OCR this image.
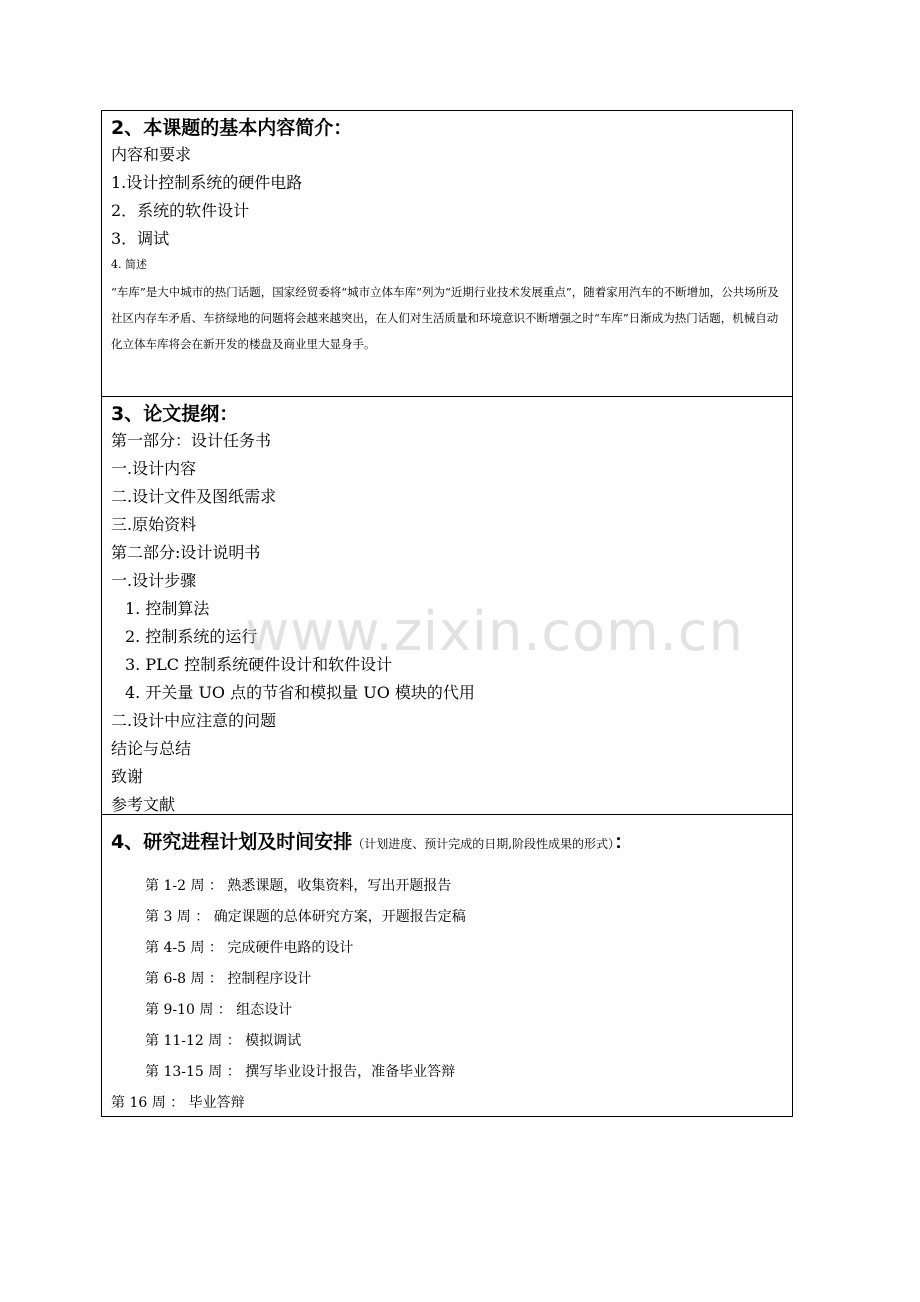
2、本课题的基本内容简介：

内容和要求
1.设计控制系统的硬件电路
2．系统的软件设计
3．调试
4. 简述
“车库”是大中城市的热门话题，国家经贸委将“城市立体车库”列为“近期行业技术发展重点”，随着家用汽车的不断增加，公共场所及社区内存车矛盾、车挤绿地的问题将会越来越突出，在人们对生活质量和环境意识不断增强之时“车库”日渐成为热门话题，机械自动化立体车库将会在新开发的楼盘及商业里大显身手。

3、论文提纲：

第一部分：设计任务书
一.设计内容
二.设计文件及图纸需求
三.原始资料
第二部分:设计说明书
一.设计步骤
1. 控制算法
2. 控制系统的运行
3. PLC 控制系统硬件设计和软件设计
4. 开关量 UO 点的节省和模拟量 UO 模块的代用
二.设计中应注意的问题
结论与总结
致谢
参考文献

4、研究进程计划及时间安排（计划进度、预计完成的日期,阶段性成果的形式）：

第 1-2 周 ： 熟悉课题，收集资料，写出开题报告
第 3 周 ： 确定课题的总体研究方案，开题报告定稿
第 4-5 周 ： 完成硬件电路的设计
第 6-8 周 ： 控制程序设计
第 9-10 周 ： 组态设计
第 11-12 周 ： 模拟调试
第 13-15 周 ： 撰写毕业设计报告，准备毕业答辩
第 16 周 ： 毕业答辩
www.zixin.com.cn
